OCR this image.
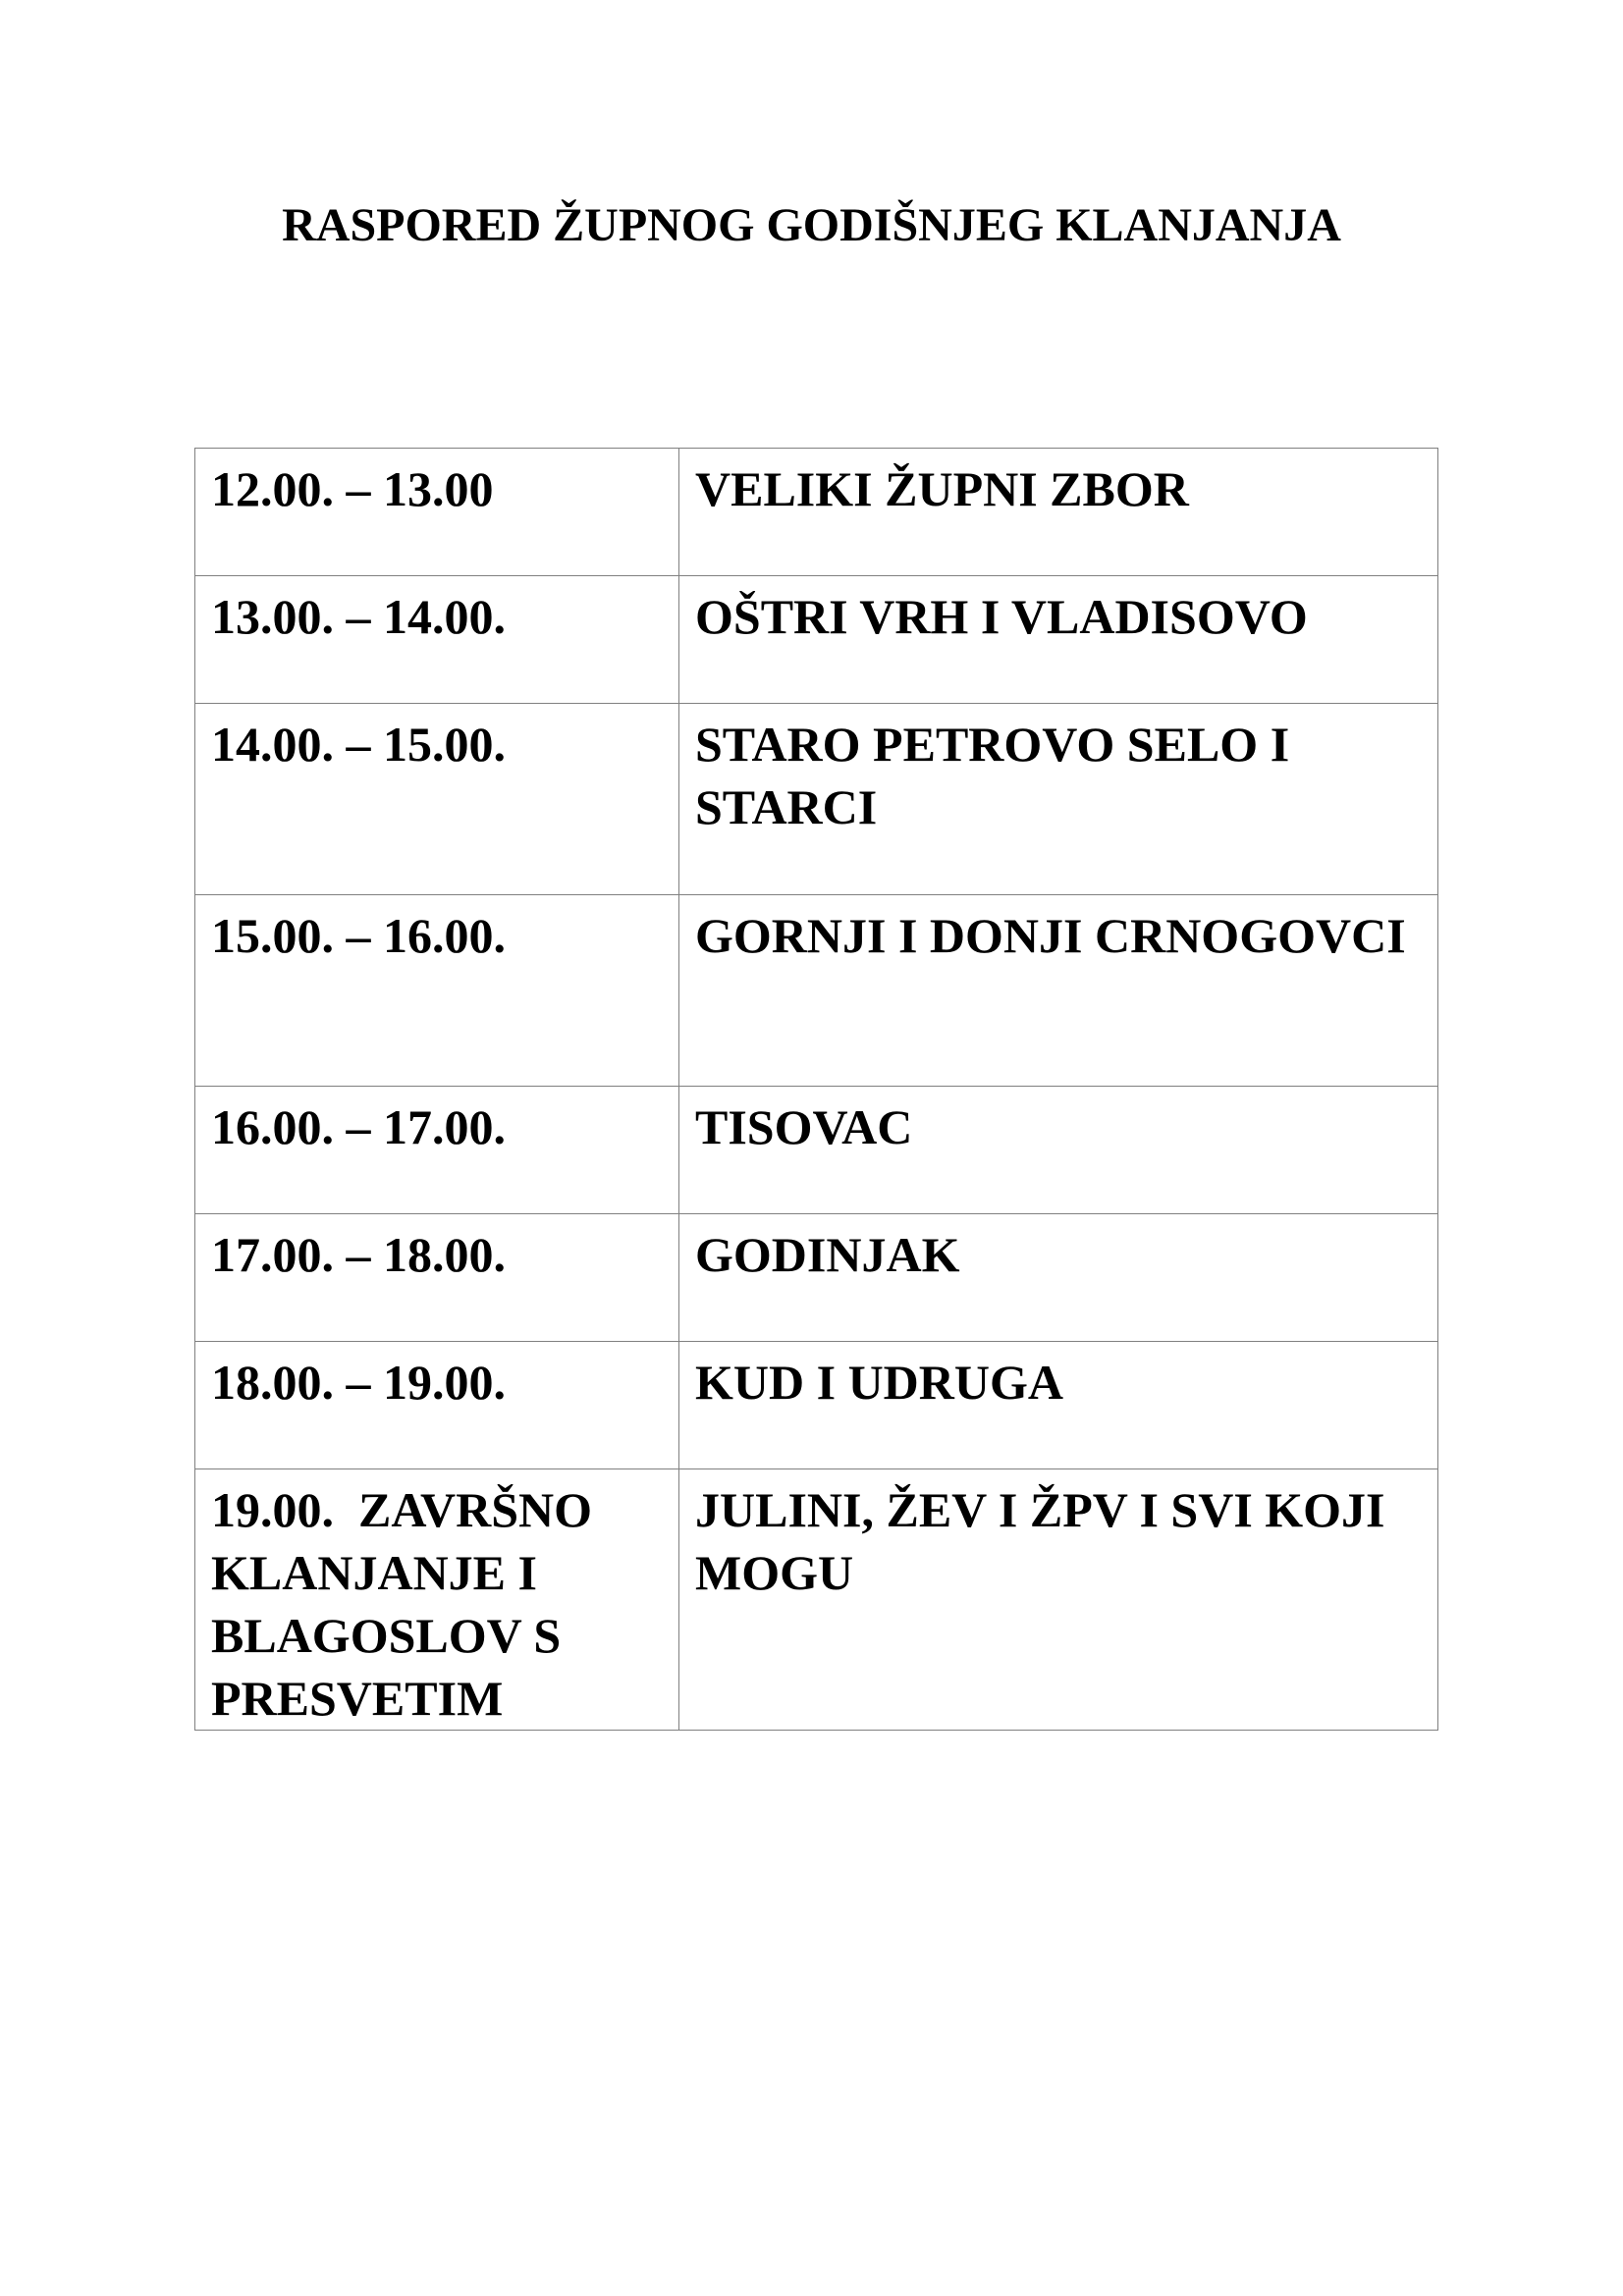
RASPORED ŽUPNOG GODIŠNJEG KLANJANJA
12.00. – 13.00	VELIKI ŽUPNI ZBOR
13.00. – 14.00.	OŠTRI VRH I VLADISOVO
14.00. – 15.00.	STARO PETROVO SELO I STARCI
15.00. – 16.00.	GORNJI I DONJI CRNOGOVCI
16.00. – 17.00.	TISOVAC
17.00. – 18.00.	GODINJAK
18.00. – 19.00.	KUD I UDRUGA
19.00.  ZAVRŠNO KLANJANJE I BLAGOSLOV S PRESVETIM	JULINI, ŽEV I ŽPV I SVI KOJI MOGU
